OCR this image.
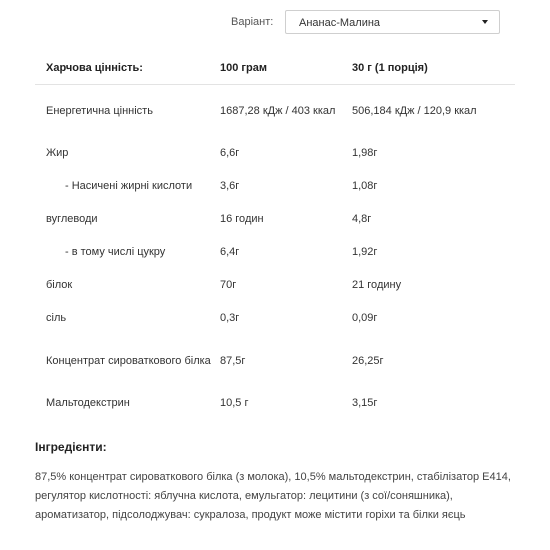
Варіант: Ананас-Малина
Харчова цінність:	100 грам	30 г (1 порція)
Енергетична цінність	1687,28 кДж / 403 ккал	506,184 кДж / 120,9 ккал
Жир	6,6г	1,98г
- Насичені жирні кислоти	3,6г	1,08г
вуглеводи	16 годин	4,8г
- в тому числі цукру	6,4г	1,92г
білок	70г	21 годину
сіль	0,3г	0,09г
Концентрат сироваткового білка	87,5г	26,25г
Мальтодекстрин	10,5 г	3,15г
Інгредієнти:

87,5% концентрат сироваткового білка (з молока), 10,5% мальтодекстрин, стабілізатор Е414, регулятор кислотності: яблучна кислота, емульгатор: лецитини (з сої/соняшника), ароматизатор, підсолоджувач: сукралоза, продукт може містити горіхи та білки яєць
